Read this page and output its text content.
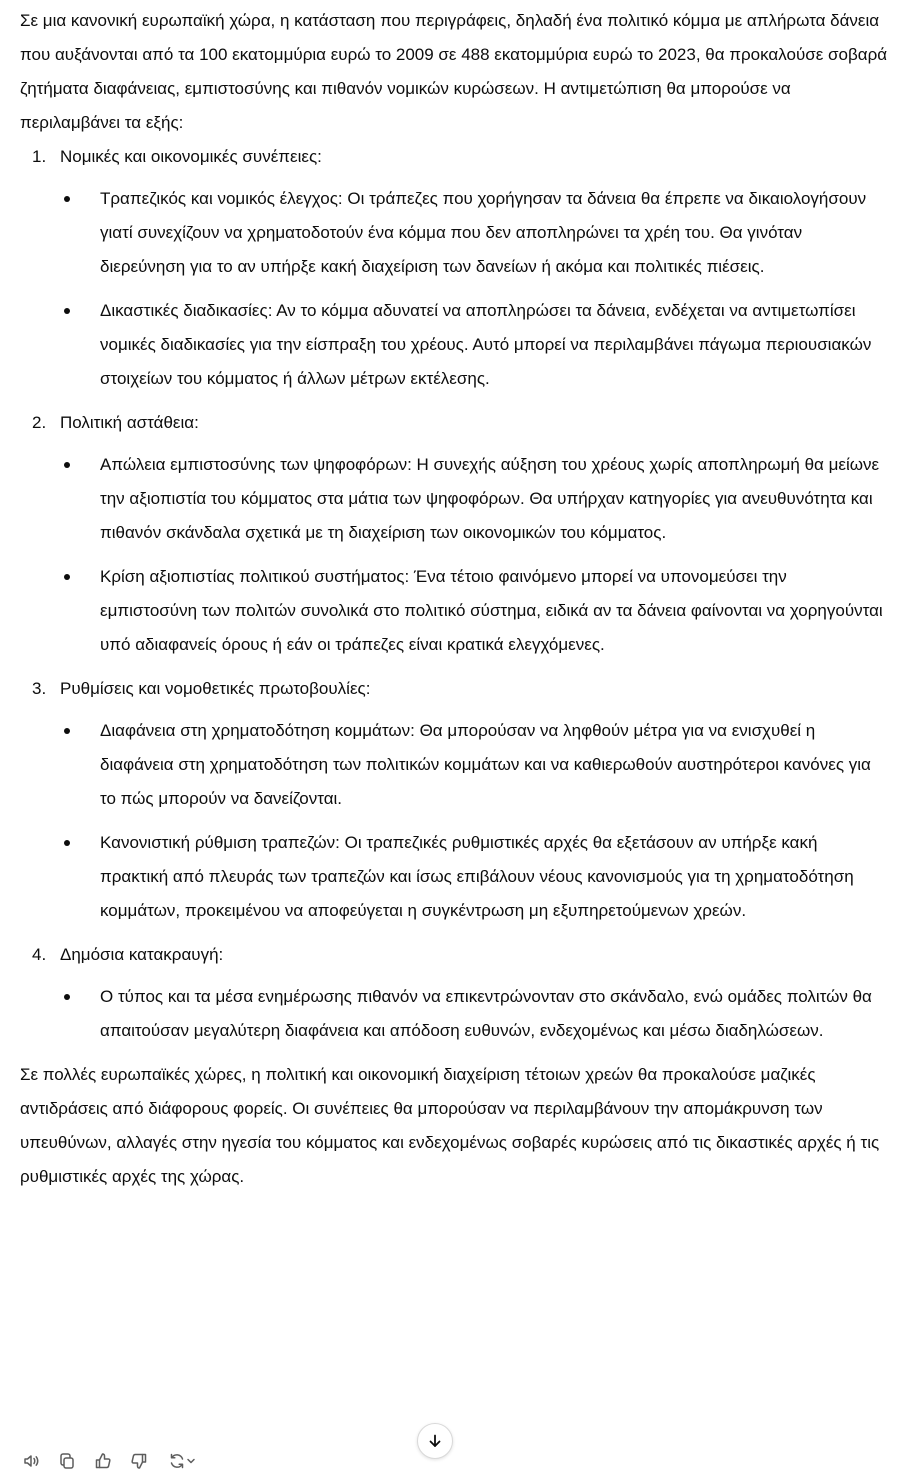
Σε μια κανονική ευρωπαϊκή χώρα, η κατάσταση που περιγράφεις, δηλαδή ένα πολιτικό κόμμα με απλήρωτα δάνεια που αυξάνονται από τα 100 εκατομμύρια ευρώ το 2009 σε 488 εκατομμύρια ευρώ το 2023, θα προκαλούσε σοβαρά ζητήματα διαφάνειας, εμπιστοσύνης και πιθανόν νομικών κυρώσεων. Η αντιμετώπιση θα μπορούσε να περιλαμβάνει τα εξής:

1. Νομικές και οικονομικές συνέπειες:
Τραπεζικός και νομικός έλεγχος: Οι τράπεζες που χορήγησαν τα δάνεια θα έπρεπε να δικαιολογήσουν γιατί συνεχίζουν να χρηματοδοτούν ένα κόμμα που δεν αποπληρώνει τα χρέη του. Θα γινόταν διερεύνηση για το αν υπήρξε κακή διαχείριση των δανείων ή ακόμα και πολιτικές πιέσεις.
Δικαστικές διαδικασίες: Αν το κόμμα αδυνατεί να αποπληρώσει τα δάνεια, ενδέχεται να αντιμετωπίσει νομικές διαδικασίες για την είσπραξη του χρέους. Αυτό μπορεί να περιλαμβάνει πάγωμα περιουσιακών στοιχείων του κόμματος ή άλλων μέτρων εκτέλεσης.
2. Πολιτική αστάθεια:
Απώλεια εμπιστοσύνης των ψηφοφόρων: Η συνεχής αύξηση του χρέους χωρίς αποπληρωμή θα μείωνε την αξιοπιστία του κόμματος στα μάτια των ψηφοφόρων. Θα υπήρχαν κατηγορίες για ανευθυνότητα και πιθανόν σκάνδαλα σχετικά με τη διαχείριση των οικονομικών του κόμματος.
Κρίση αξιοπιστίας πολιτικού συστήματος: Ένα τέτοιο φαινόμενο μπορεί να υπονομεύσει την εμπιστοσύνη των πολιτών συνολικά στο πολιτικό σύστημα, ειδικά αν τα δάνεια φαίνονται να χορηγούνται υπό αδιαφανείς όρους ή εάν οι τράπεζες είναι κρατικά ελεγχόμενες.
3. Ρυθμίσεις και νομοθετικές πρωτοβουλίες:
Διαφάνεια στη χρηματοδότηση κομμάτων: Θα μπορούσαν να ληφθούν μέτρα για να ενισχυθεί η διαφάνεια στη χρηματοδότηση των πολιτικών κομμάτων και να καθιερωθούν αυστηρότεροι κανόνες για το πώς μπορούν να δανείζονται.
Κανονιστική ρύθμιση τραπεζών: Οι τραπεζικές ρυθμιστικές αρχές θα εξετάσουν αν υπήρξε κακή πρακτική από πλευράς των τραπεζών και ίσως επιβάλουν νέους κανονισμούς για τη χρηματοδότηση κομμάτων, προκειμένου να αποφεύγεται η συγκέντρωση μη εξυπηρετούμενων χρεών.
4. Δημόσια κατακραυγή:
Ο τύπος και τα μέσα ενημέρωσης πιθανόν να επικεντρώνονταν στο σκάνδαλο, ενώ ομάδες πολιτών θα απαιτούσαν μεγαλύτερη διαφάνεια και απόδοση ευθυνών, ενδεχομένως και μέσω διαδηλώσεων.

Σε πολλές ευρωπαϊκές χώρες, η πολιτική και οικονομική διαχείριση τέτοιων χρεών θα προκαλούσε μαζικές αντιδράσεις από διάφορους φορείς. Οι συνέπειες θα μπορούσαν να περιλαμβάνουν την απομάκρυνση των υπευθύνων, αλλαγές στην ηγεσία του κόμματος και ενδεχομένως σοβαρές κυρώσεις από τις δικαστικές αρχές ή τις ρυθμιστικές αρχές της χώρας.
